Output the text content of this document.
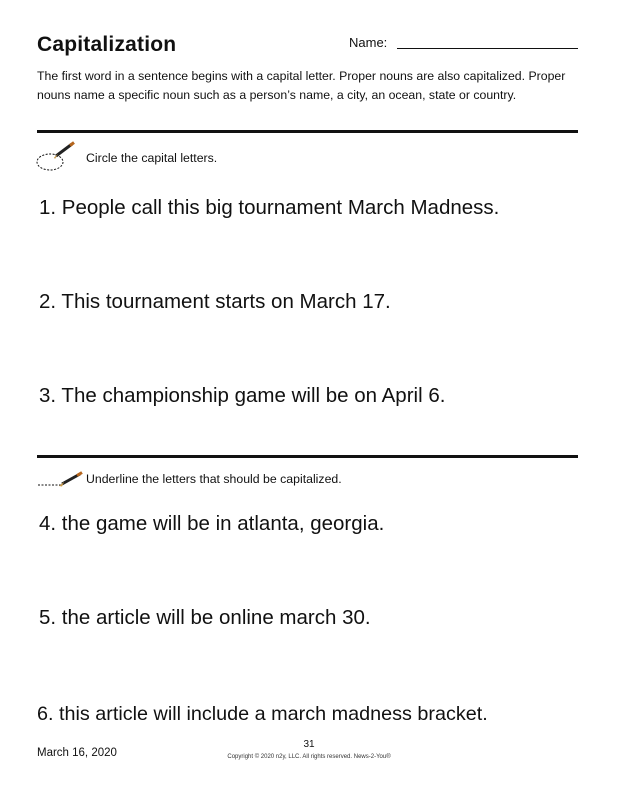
Capitalization	Name:
The first word in a sentence begins with a capital letter. Proper nouns are also capitalized. Proper nouns name a specific noun such as a person’s name, a city, an ocean, state or country.
Circle the capital letters.
1. People call this big tournament March Madness.
2. This tournament starts on March 17.
3. The championship game will be on April 6.
Underline the letters that should be capitalized.
4. the game will be in atlanta, georgia.
5. the article will be online march 30.
6. this article will include a march madness bracket.
March 16, 2020
31
Copyright © 2020 n2y, LLC. All rights reserved. News-2-You®
